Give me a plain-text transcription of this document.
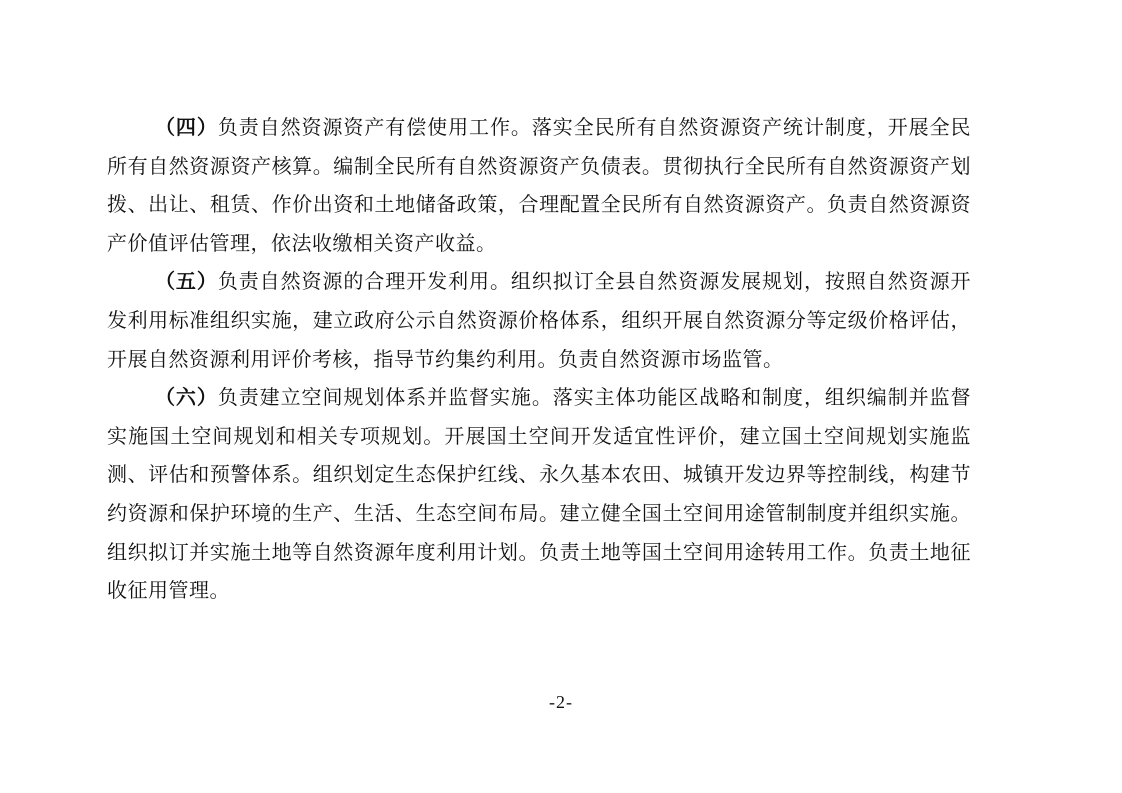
（四）负责自然资源资产有偿使用工作。落实全民所有自然资源资产统计制度，开展全民所有自然资源资产核算。编制全民所有自然资源资产负债表。贯彻执行全民所有自然资源资产划拨、出让、租赁、作价出资和土地储备政策，合理配置全民所有自然资源资产。负责自然资源资产价值评估管理，依法收缴相关资产收益。

（五）负责自然资源的合理开发利用。组织拟订全县自然资源发展规划，按照自然资源开发利用标准组织实施，建立政府公示自然资源价格体系，组织开展自然资源分等定级价格评估，开展自然资源利用评价考核，指导节约集约利用。负责自然资源市场监管。

（六）负责建立空间规划体系并监督实施。落实主体功能区战略和制度，组织编制并监督实施国土空间规划和相关专项规划。开展国土空间开发适宜性评价，建立国土空间规划实施监测、评估和预警体系。组织划定生态保护红线、永久基本农田、城镇开发边界等控制线，构建节约资源和保护环境的生产、生活、生态空间布局。建立健全国土空间用途管制制度并组织实施。组织拟订并实施土地等自然资源年度利用计划。负责土地等国土空间用途转用工作。负责土地征收征用管理。

-2-
